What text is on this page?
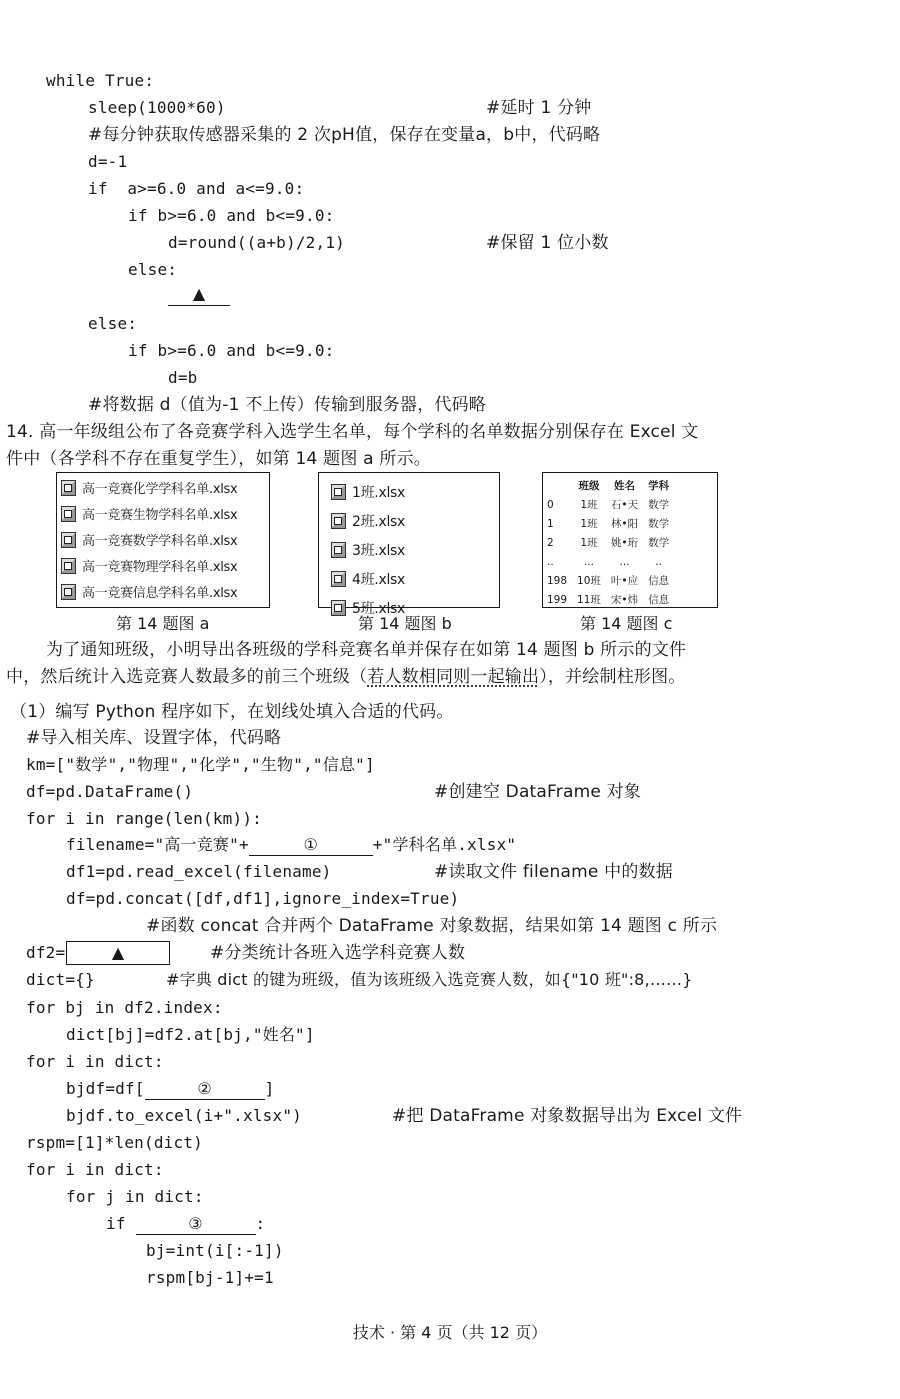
while True:
sleep(1000*60)	#延时 1 分钟
#每分钟获取传感器采集的 2 次pH值，保存在变量a，b中，代码略
d=-1
if  a>=6.0 and a<=9.0:
if b>=6.0 and b<=9.0:
d=round((a+b)/2,1)	#保留 1 位小数
else:
▲
else:
if b>=6.0 and b<=9.0:
d=b
#将数据 d（值为-1 不上传）传输到服务器，代码略
14. 高一年级组公布了各竞赛学科入选学生名单，每个学科的名单数据分别保存在 Excel 文
件中（各学科不存在重复学生），如第 14 题图 a 所示。
高一竞赛化学学科名单.xlsx
高一竞赛生物学科名单.xlsx
高一竞赛数学学科名单.xlsx
高一竞赛物理学科名单.xlsx
高一竞赛信息学科名单.xlsx
第 14 题图 a
1班.xlsx
2班.xlsx
3班.xlsx
4班.xlsx
5班.xlsx
第 14 题图 b
	班级	姓名	学科
0	1班	石•天	数学
1	1班	林•阳	数学
2	1班	姚•珩	数学
..	...	...	..
198	10班	叶•应	信息
199	11班	宋•炜	信息
第 14 题图 c
为了通知班级，小明导出各班级的学科竞赛名单并保存在如第 14 题图 b 所示的文件
中，然后统计入选竞赛人数最多的前三个班级（若人数相同则一起输出），并绘制柱形图。
（1）编写 Python 程序如下，在划线处填入合适的代码。
#导入相关库、设置字体，代码略
km=["数学","物理","化学","生物","信息"]
df=pd.DataFrame()	#创建空 DataFrame 对象
for i in range(len(km)):
filename="高一竞赛"+	①	+"学科名单.xlsx"
df1=pd.read_excel(filename)	#读取文件 filename 中的数据
df=pd.concat([df,df1],ignore_index=True)
#函数 concat 合并两个 DataFrame 对象数据，结果如第 14 题图 c 所示
df2=	▲	#分类统计各班入选学科竞赛人数
dict={}	#字典 dict 的键为班级，值为该班级入选竞赛人数，如{"10 班":8,……}
for bj in df2.index:
dict[bj]=df2.at[bj,"姓名"]
for i in dict:
bjdf=df[	②	]
bjdf.to_excel(i+".xlsx")	#把 DataFrame 对象数据导出为 Excel 文件
rspm=[1]*len(dict)
for i in dict:
for j in dict:
if	③	:
bj=int(i[:-1])
rspm[bj-1]+=1
技术 · 第 4 页（共 12 页）
